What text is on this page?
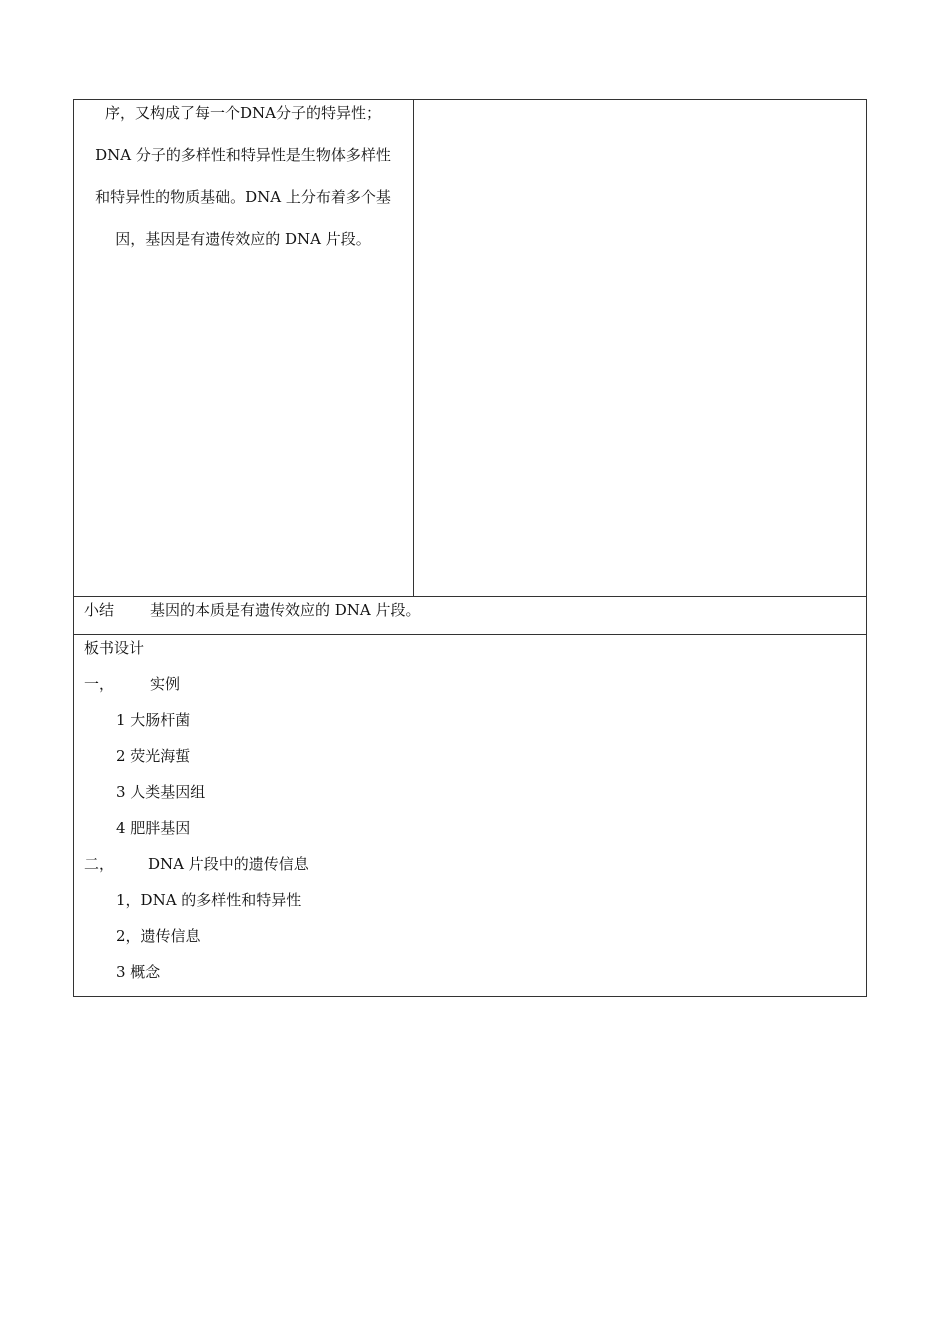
序，又构成了每一个DNA分子的特异性；
DNA 分子的多样性和特异性是生物体多样性
和特异性的物质基础。DNA 上分布着多个基
因，基因是有遗传效应的 DNA 片段。
小结 基因的本质是有遗传效应的 DNA 片段。
板书设计
一， 实例
1 大肠杆菌
2 荧光海蜇
3 人类基因组
4 肥胖基因
二， DNA 片段中的遗传信息
1，DNA 的多样性和特异性
2，遗传信息
3 概念
